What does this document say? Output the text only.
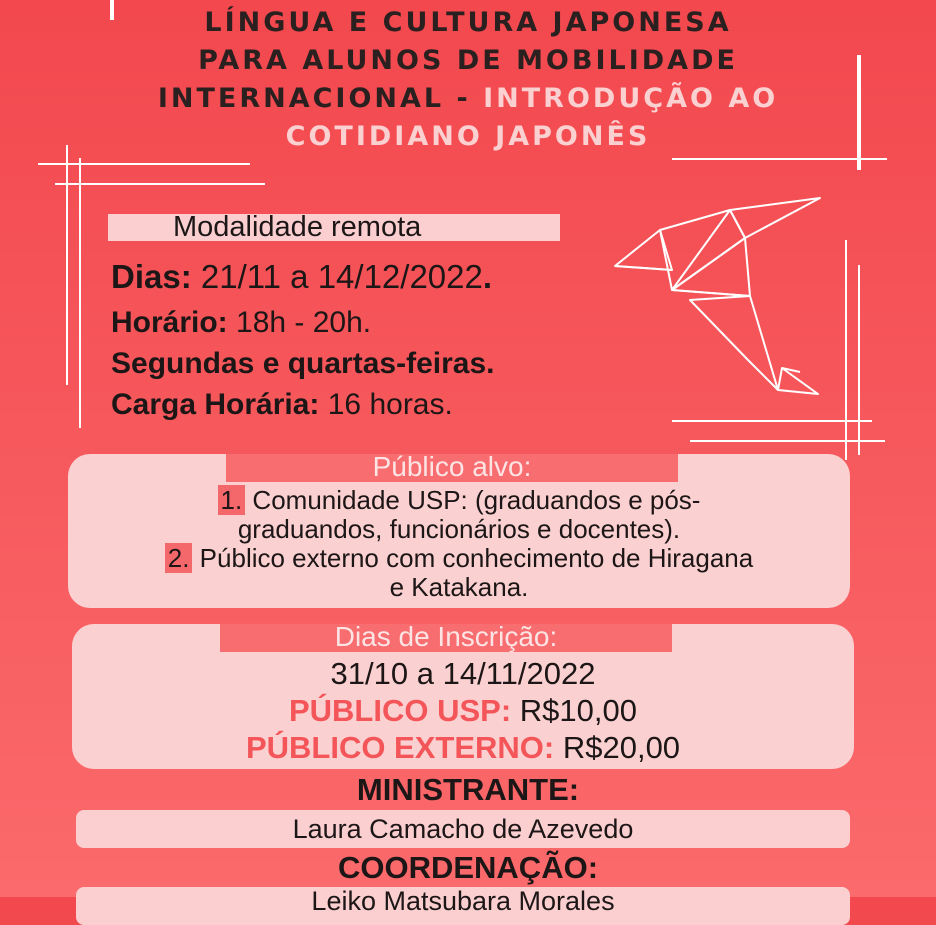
LÍNGUA E CULTURA JAPONESA
PARA ALUNOS DE MOBILIDADE
INTERNACIONAL - INTRODUÇÃO AO
COTIDIANO JAPONÊS
Modalidade remota
Dias: 21/11 a 14/12/2022.
Horário: 18h - 20h.
Segundas e quartas-feiras.
Carga Horária: 16 horas.
Público alvo:
1. Comunidade USP: (graduandos e pós-
graduandos, funcionários e docentes).
2. Público externo com conhecimento de Hiragana
e Katakana.
Dias de Inscrição:
31/10 a 14/11/2022
PÚBLICO USP: R$10,00
PÚBLICO EXTERNO: R$20,00
MINISTRANTE:
Laura Camacho de Azevedo
COORDENAÇÃO:
Leiko Matsubara Morales
